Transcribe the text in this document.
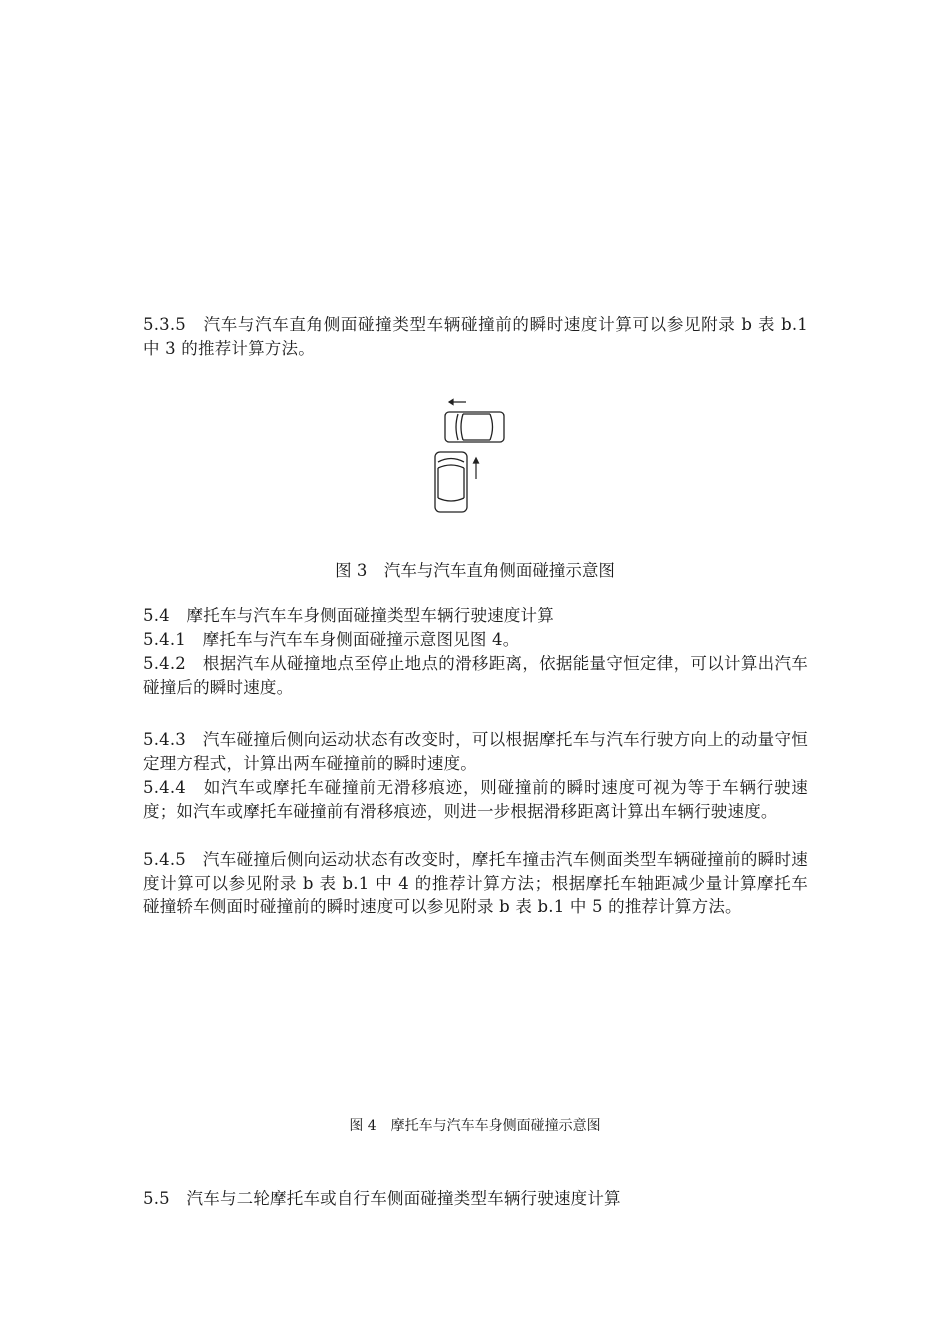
5.3.5　汽车与汽车直角侧面碰撞类型车辆碰撞前的瞬时速度计算可以参见附录 b 表 b.1 中 3 的推荐计算方法。

图 3　汽车与汽车直角侧面碰撞示意图

5.4　摩托车与汽车车身侧面碰撞类型车辆行驶速度计算

5.4.1　摩托车与汽车车身侧面碰撞示意图见图 4。

5.4.2　根据汽车从碰撞地点至停止地点的滑移距离，依据能量守恒定律，可以计算出汽车碰撞后的瞬时速度。

5.4.3　汽车碰撞后侧向运动状态有改变时，可以根据摩托车与汽车行驶方向上的动量守恒定理方程式，计算出两车碰撞前的瞬时速度。

5.4.4　如汽车或摩托车碰撞前无滑移痕迹，则碰撞前的瞬时速度可视为等于车辆行驶速度；如汽车或摩托车碰撞前有滑移痕迹，则进一步根据滑移距离计算出车辆行驶速度。

5.4.5　汽车碰撞后侧向运动状态有改变时，摩托车撞击汽车侧面类型车辆碰撞前的瞬时速度计算可以参见附录 b 表 b.1 中 4 的推荐计算方法；根据摩托车轴距减少量计算摩托车碰撞轿车侧面时碰撞前的瞬时速度可以参见附录 b 表 b.1 中 5 的推荐计算方法。

图 4　摩托车与汽车车身侧面碰撞示意图

5.5　汽车与二轮摩托车或自行车侧面碰撞类型车辆行驶速度计算
